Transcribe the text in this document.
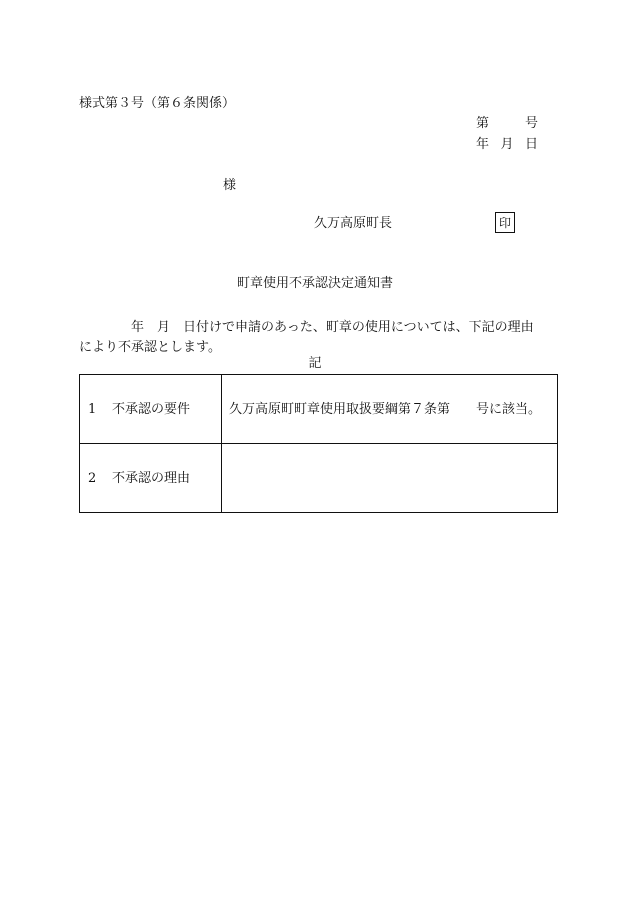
様式第３号（第６条関係）
第	号
年 月 日
様
久万高原町長	印
町章使用不承認決定通知書
年　月　日付けで申請のあった、町章の使用については、下記の理由
により不承認とします。
記
1 不承認の要件	久万高原町町章使用取扱要綱第７条第　　号に該当。
2 不承認の理由	
